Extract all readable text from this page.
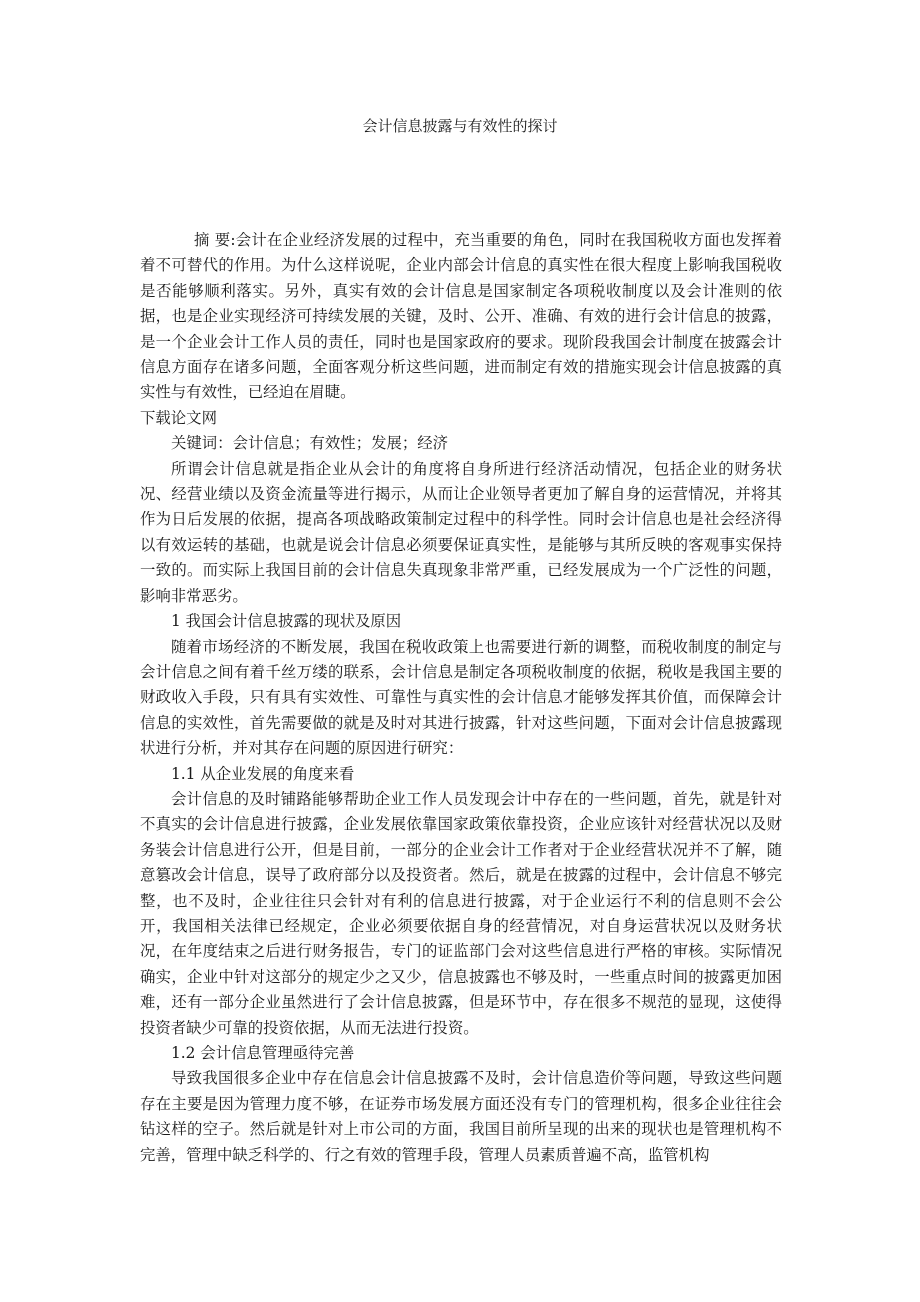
会计信息披露与有效性的探讨

摘 要:会计在企业经济发展的过程中，充当重要的角色，同时在我国税收方面也发挥着着不可替代的作用。为什么这样说呢，企业内部会计信息的真实性在很大程度上影响我国税收是否能够顺利落实。另外，真实有效的会计信息是国家制定各项税收制度以及会计准则的依据，也是企业实现经济可持续发展的关键，及时、公开、准确、有效的进行会计信息的披露，是一个企业会计工作人员的责任，同时也是国家政府的要求。现阶段我国会计制度在披露会计信息方面存在诸多问题，全面客观分析这些问题，进而制定有效的措施实现会计信息披露的真实性与有效性，已经迫在眉睫。

下载论文网

关键词：会计信息；有效性；发展；经济

所谓会计信息就是指企业从会计的角度将自身所进行经济活动情况，包括企业的财务状况、经营业绩以及资金流量等进行揭示，从而让企业领导者更加了解自身的运营情况，并将其作为日后发展的依据，提高各项战略政策制定过程中的科学性。同时会计信息也是社会经济得以有效运转的基础，也就是说会计信息必须要保证真实性，是能够与其所反映的客观事实保持一致的。而实际上我国目前的会计信息失真现象非常严重，已经发展成为一个广泛性的问题，影响非常恶劣。

1 我国会计信息披露的现状及原因

随着市场经济的不断发展，我国在税收政策上也需要进行新的调整，而税收制度的制定与会计信息之间有着千丝万缕的联系，会计信息是制定各项税收制度的依据，税收是我国主要的财政收入手段，只有具有实效性、可靠性与真实性的会计信息才能够发挥其价值，而保障会计信息的实效性，首先需要做的就是及时对其进行披露，针对这些问题，下面对会计信息披露现状进行分析，并对其存在问题的原因进行研究：

1.1 从企业发展的角度来看

会计信息的及时铺路能够帮助企业工作人员发现会计中存在的一些问题，首先，就是针对不真实的会计信息进行披露，企业发展依靠国家政策依靠投资，企业应该针对经营状况以及财务装会计信息进行公开，但是目前，一部分的企业会计工作者对于企业经营状况并不了解，随意篡改会计信息，误导了政府部分以及投资者。然后，就是在披露的过程中，会计信息不够完整，也不及时，企业往往只会针对有利的信息进行披露，对于企业运行不利的信息则不会公开，我国相关法律已经规定，企业必须要依据自身的经营情况，对自身运营状况以及财务状况，在年度结束之后进行财务报告，专门的证监部门会对这些信息进行严格的审核。实际情况确实，企业中针对这部分的规定少之又少，信息披露也不够及时，一些重点时间的披露更加困难，还有一部分企业虽然进行了会计信息披露，但是环节中，存在很多不规范的显现，这使得投资者缺少可靠的投资依据，从而无法进行投资。

1.2 会计信息管理亟待完善

导致我国很多企业中存在信息会计信息披露不及时，会计信息造价等问题，导致这些问题存在主要是因为管理力度不够，在证券市场发展方面还没有专门的管理机构，很多企业往往会钻这样的空子。然后就是针对上市公司的方面，我国目前所呈现的出来的现状也是管理机构不完善，管理中缺乏科学的、行之有效的管理手段，管理人员素质普遍不高，监管机构
